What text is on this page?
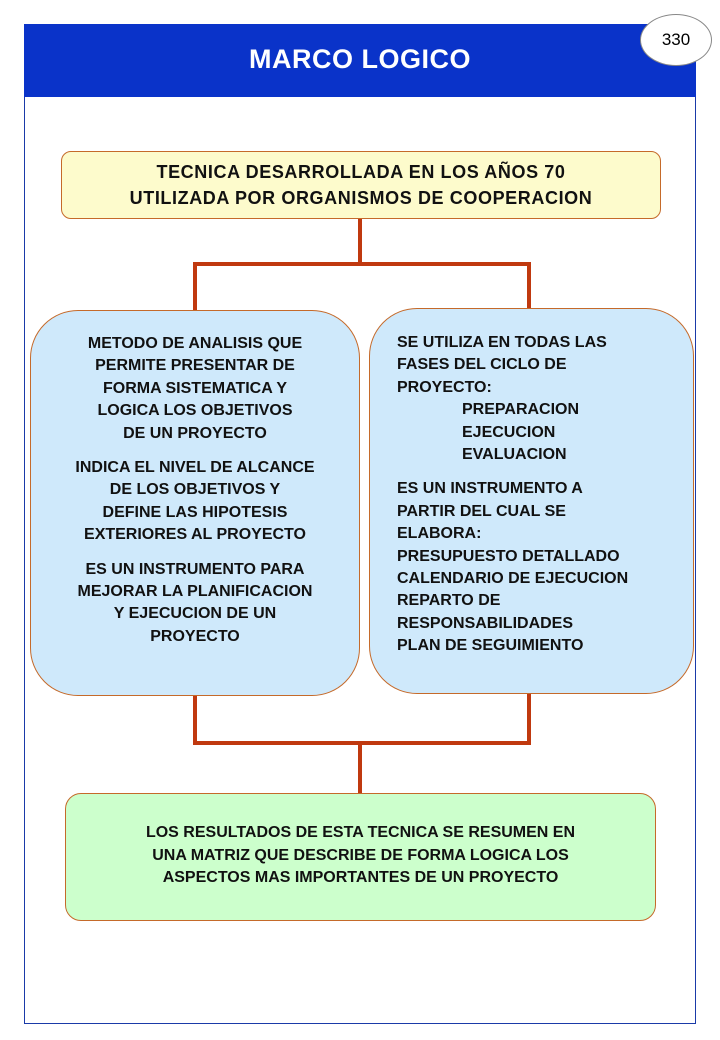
MARCO LOGICO
330
TECNICA DESARROLLADA EN LOS AÑOS 70
UTILIZADA POR ORGANISMOS DE COOPERACION
METODO DE ANALISIS QUE
PERMITE PRESENTAR DE
FORMA SISTEMATICA Y
LOGICA LOS OBJETIVOS
DE UN PROYECTO
INDICA EL NIVEL DE ALCANCE
DE LOS OBJETIVOS Y
DEFINE LAS HIPOTESIS
EXTERIORES AL PROYECTO
ES UN INSTRUMENTO PARA
MEJORAR LA PLANIFICACION
Y EJECUCION DE UN
PROYECTO
SE UTILIZA EN TODAS LAS
FASES DEL CICLO DE
PROYECTO:
PREPARACION
EJECUCION
EVALUACION
ES UN INSTRUMENTO A
PARTIR DEL CUAL SE
ELABORA:
PRESUPUESTO DETALLADO
CALENDARIO DE EJECUCION
REPARTO DE
RESPONSABILIDADES
PLAN DE SEGUIMIENTO
LOS RESULTADOS DE ESTA TECNICA SE RESUMEN EN
UNA MATRIZ QUE DESCRIBE DE FORMA LOGICA LOS
ASPECTOS MAS IMPORTANTES DE UN PROYECTO
